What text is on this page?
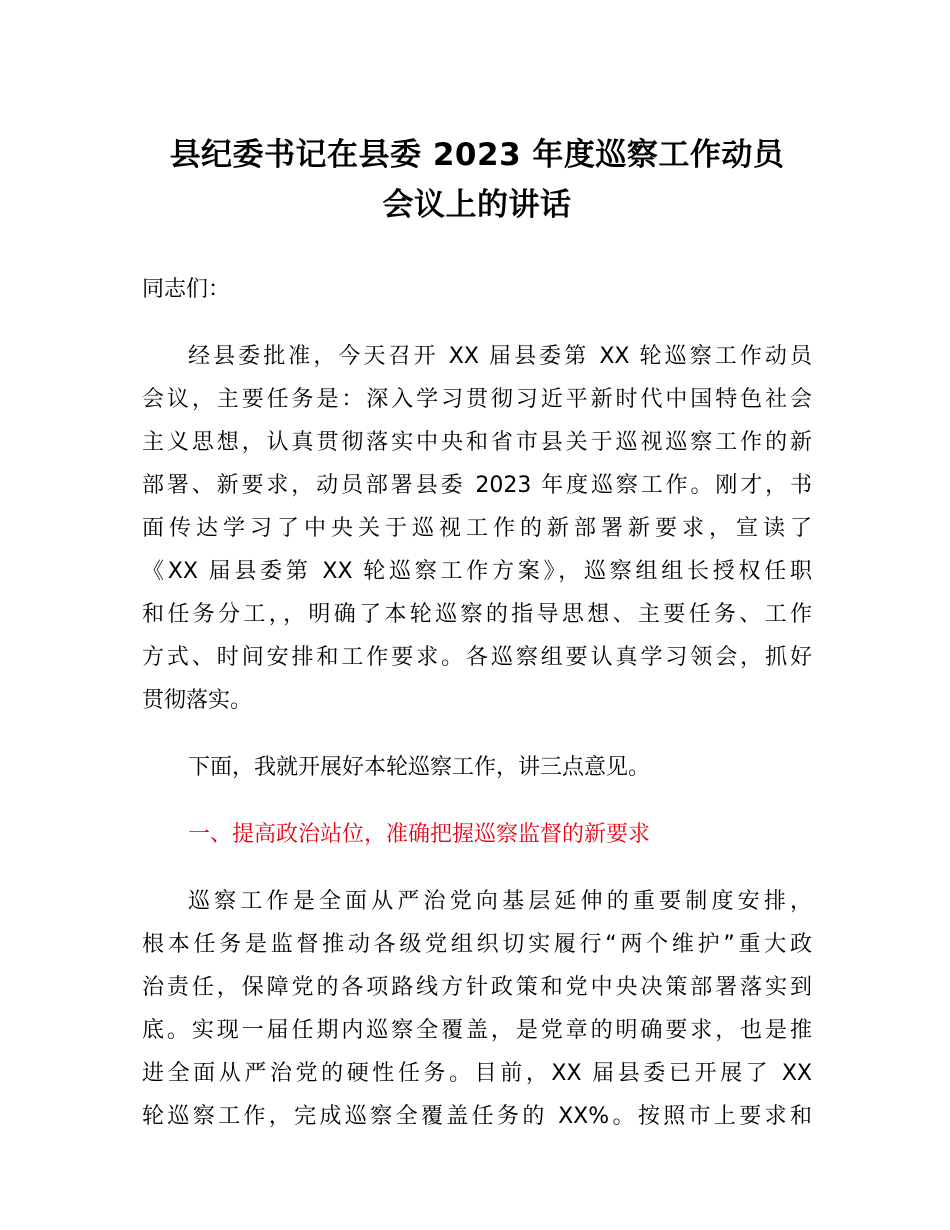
县纪委书记在县委 2023 年度巡察工作动员
会议上的讲话

同志们：

经县委批准，今天召开 XX 届县委第 XX 轮巡察工作动员
会议，主要任务是：深入学习贯彻习近平新时代中国特色社会
主义思想，认真贯彻落实中央和省市县关于巡视巡察工作的新
部署、新要求，动员部署县委 2023 年度巡察工作。刚才，书
面传达学习了中央关于巡视工作的新部署新要求，宣读了
《XX 届县委第 XX 轮巡察工作方案》，巡察组组长授权任职
和任务分工，，明确了本轮巡察的指导思想、主要任务、工作
方式、时间安排和工作要求。各巡察组要认真学习领会，抓好
贯彻落实。

下面，我就开展好本轮巡察工作，讲三点意见。

一、提高政治站位，准确把握巡察监督的新要求

巡察工作是全面从严治党向基层延伸的重要制度安排，
根本任务是监督推动各级党组织切实履行“两个维护”重大政
治责任，保障党的各项路线方针政策和党中央决策部署落实到
底。实现一届任期内巡察全覆盖，是党章的明确要求，也是推
进全面从严治党的硬性任务。目前，XX 届县委已开展了 XX
轮巡察工作，完成巡察全覆盖任务的 XX%。按照市上要求和
